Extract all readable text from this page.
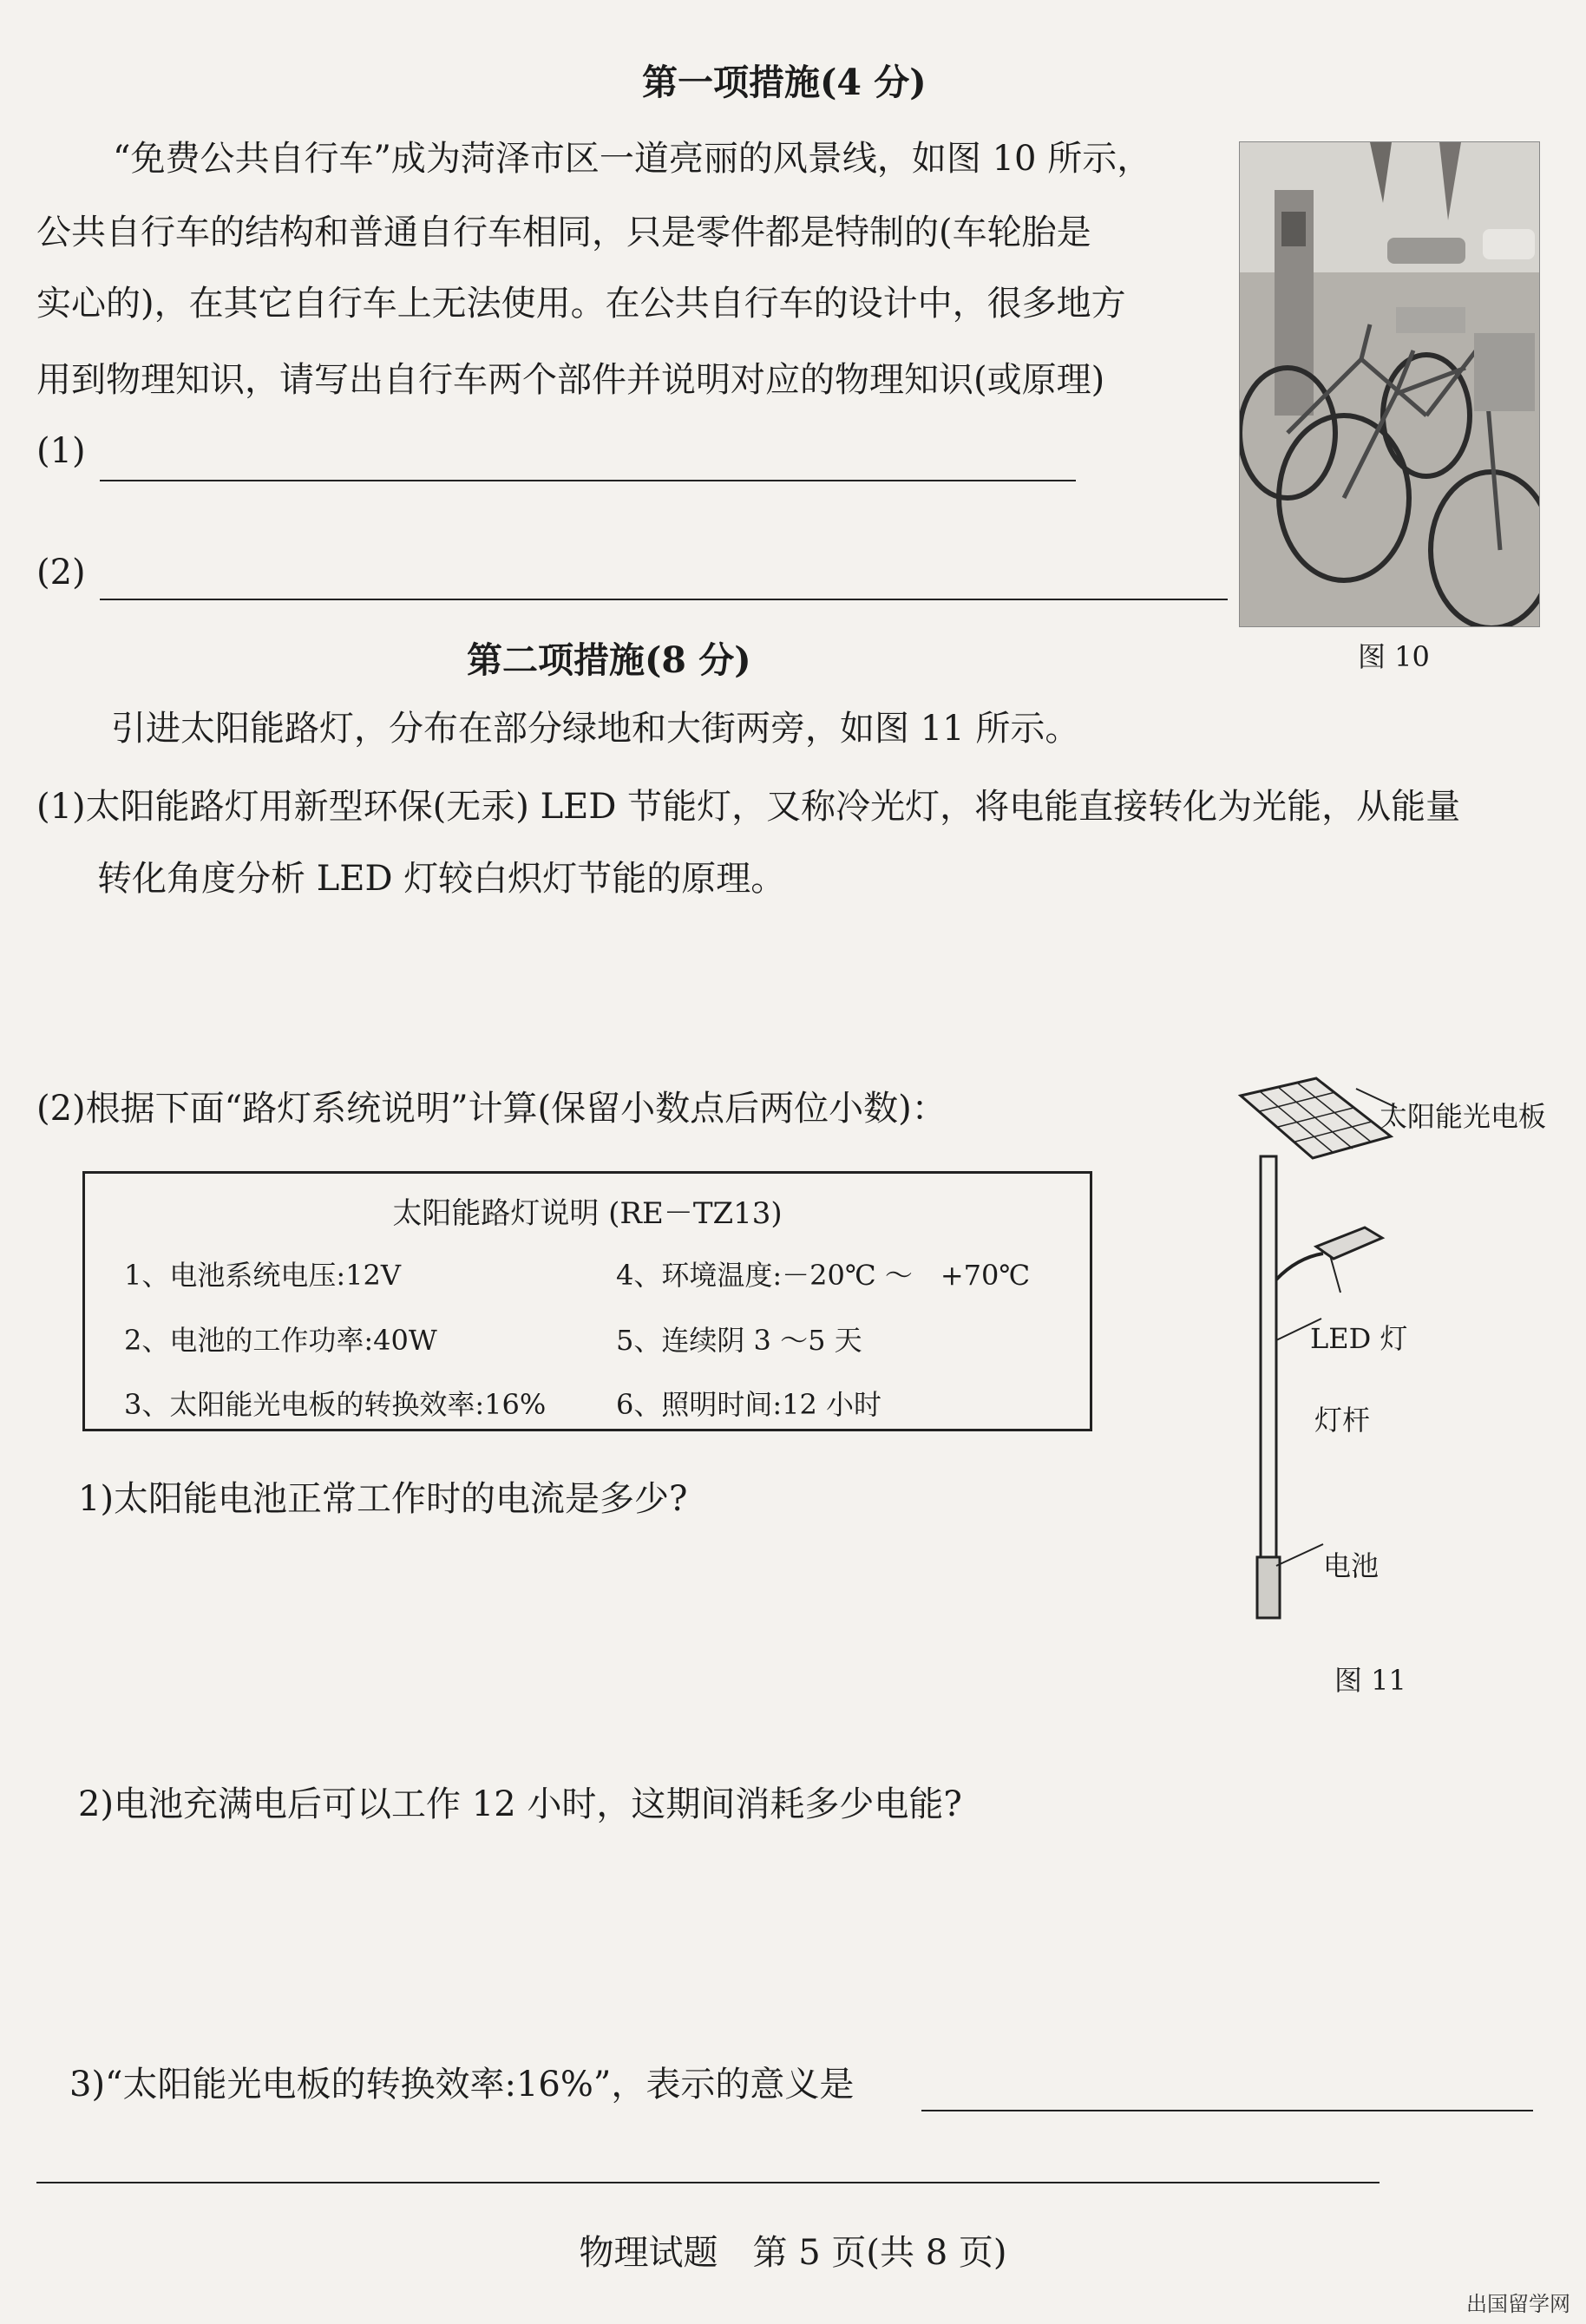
第一项措施(4 分)
“免费公共自行车”成为菏泽市区一道亮丽的风景线，如图 10 所示，
公共自行车的结构和普通自行车相同，只是零件都是特制的(车轮胎是
实心的)，在其它自行车上无法使用。在公共自行车的设计中，很多地方
用到物理知识，请写出自行车两个部件并说明对应的物理知识(或原理)
(1)
(2)
图 10
第二项措施(8 分)
引进太阳能路灯，分布在部分绿地和大街两旁，如图 11 所示。
(1)太阳能路灯用新型环保(无汞) LED 节能灯，又称冷光灯，将电能直接转化为光能，从能量
转化角度分析 LED 灯较白炽灯节能的原理。
(2)根据下面“路灯系统说明”计算(保留小数点后两位小数)：
太阳能路灯说明 (RE－TZ13)
1、电池系统电压:12V
2、电池的工作功率:40W
3、太阳能光电板的转换效率:16%
4、环境温度:－20℃ ～　+70℃
5、连续阴 3 ～5 天
6、照明时间:12 小时
1)太阳能电池正常工作时的电流是多少?
2)电池充满电后可以工作 12 小时，这期间消耗多少电能?
3)“太阳能光电板的转换效率:16%”，表示的意义是
太阳能光电板
LED 灯
灯杆
电池
图 11
物理试题　第 5 页(共 8 页)
出国留学网
